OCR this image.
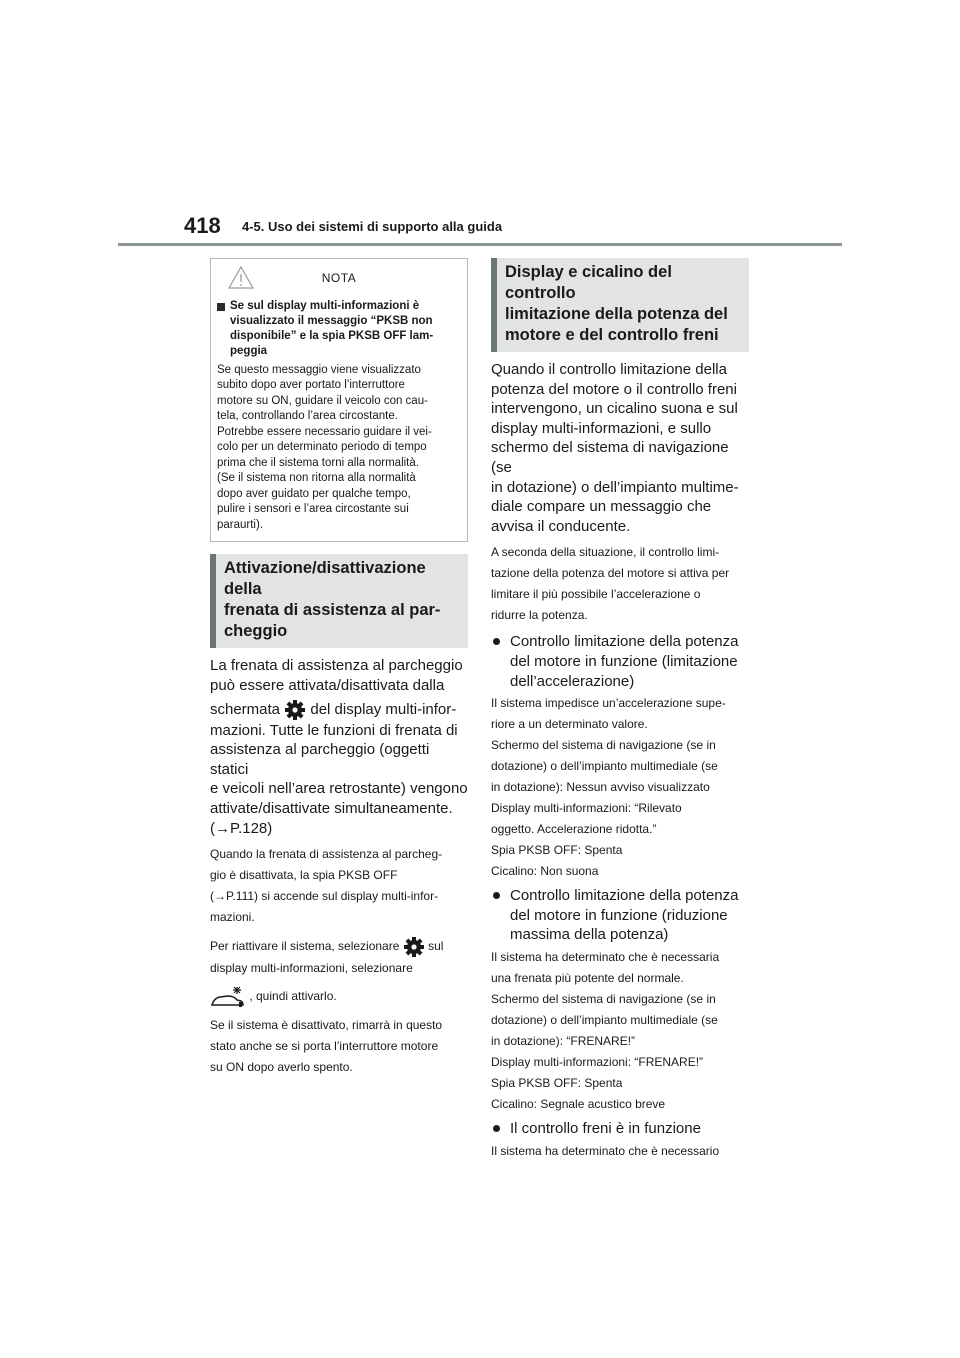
418 4-5. Uso dei sistemi di supporto alla guida
NOTA
Se sul display multi-informazioni è
visualizzato il messaggio “PKSB non
disponibile” e la spia PKSB OFF lam-
peggia
Se questo messaggio viene visualizzato
subito dopo aver portato l’interruttore
motore su ON, guidare il veicolo con cau-
tela, controllando l’area circostante.
Potrebbe essere necessario guidare il vei-
colo per un determinato periodo di tempo
prima che il sistema torni alla normalità.
(Se il sistema non ritorna alla normalità
dopo aver guidato per qualche tempo,
pulire i sensori e l’area circostante sui
paraurti).
Attivazione/disattivazione della
frenata di assistenza al par-
cheggio

La frenata di assistenza al parcheggio

può essere attivata/disattivata dalla

schermata del display multi-infor-

mazioni. Tutte le funzioni di frenata di

assistenza al parcheggio (oggetti statici

e veicoli nell’area retrostante) vengono

attivate/disattivate simultaneamente.

(→P.128)

Quando la frenata di assistenza al parcheg-

gio è disattivata, la spia PKSB OFF

(→P.111) si accende sul display multi-infor-

mazioni.

Per riattivare il sistema, selezionare sul

display multi-informazioni, selezionare

, quindi attivarlo.

Se il sistema è disattivato, rimarrà in questo

stato anche se si porta l’interruttore motore

su ON dopo averlo spento.

Display e cicalino del controllo
limitazione della potenza del
motore e del controllo freni

Quando il controllo limitazione della

potenza del motore o il controllo freni

intervengono, un cicalino suona e sul

display multi-informazioni, e sullo

schermo del sistema di navigazione (se

in dotazione) o dell’impianto multime-

diale compare un messaggio che

avvisa il conducente.

A seconda della situazione, il controllo limi-

tazione della potenza del motore si attiva per

limitare il più possibile l’accelerazione o

ridurre la potenza.

Controllo limitazione della potenza
del motore in funzione (limitazione
dell’accelerazione)

Il sistema impedisce un’accelerazione supe-

riore a un determinato valore.

Schermo del sistema di navigazione (se in

dotazione) o dell’impianto multimediale (se

in dotazione): Nessun avviso visualizzato

Display multi-informazioni: “Rilevato

oggetto. Accelerazione ridotta.”

Spia PKSB OFF: Spenta

Cicalino: Non suona

Controllo limitazione della potenza
del motore in funzione (riduzione
massima della potenza)

Il sistema ha determinato che è necessaria

una frenata più potente del normale.

Schermo del sistema di navigazione (se in

dotazione) o dell’impianto multimediale (se

in dotazione): “FRENARE!”

Display multi-informazioni: “FRENARE!”

Spia PKSB OFF: Spenta

Cicalino: Segnale acustico breve

Il controllo freni è in funzione

Il sistema ha determinato che è necessario
